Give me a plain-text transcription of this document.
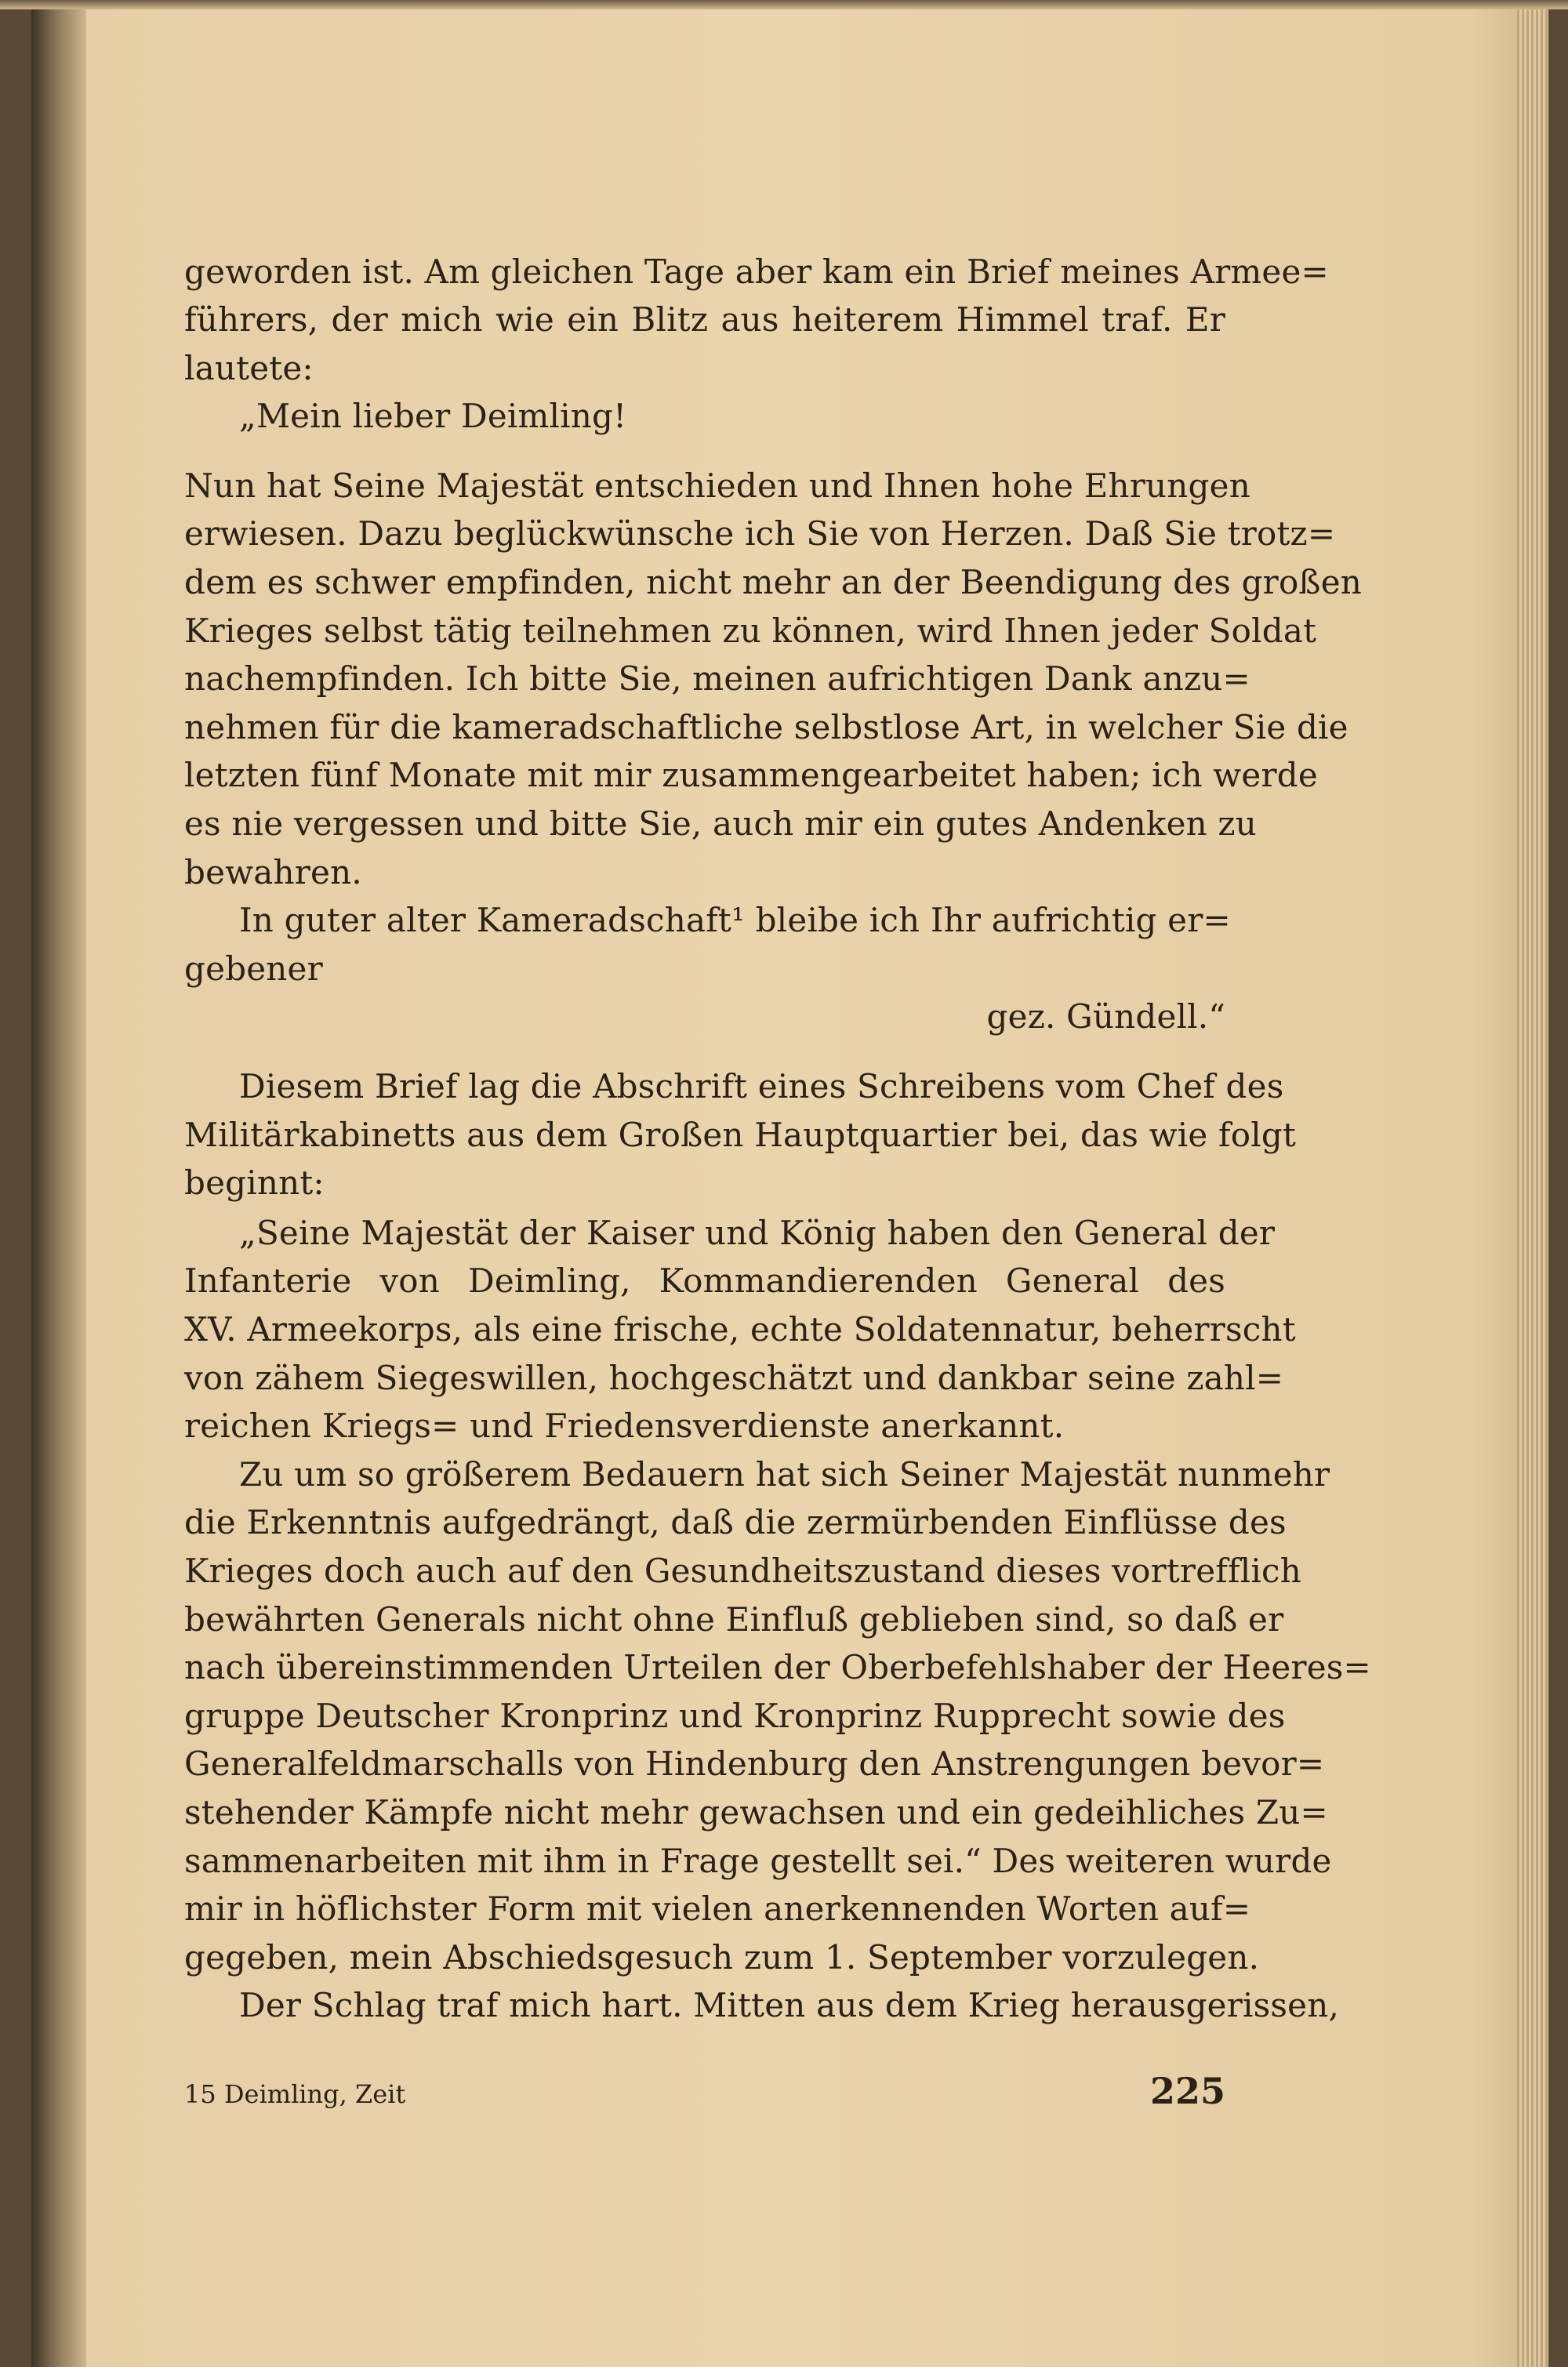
geworden ist. Am gleichen Tage aber kam ein Brief meines Armee=
führers, der mich wie ein Blitz aus heiterem Himmel traf. Er
lautete:
„Mein lieber Deimling!
Nun hat Seine Majestät entschieden und Ihnen hohe Ehrungen
erwiesen. Dazu beglückwünsche ich Sie von Herzen. Daß Sie trotz=
dem es schwer empfinden, nicht mehr an der Beendigung des großen
Krieges selbst tätig teilnehmen zu können, wird Ihnen jeder Soldat
nachempfinden. Ich bitte Sie, meinen aufrichtigen Dank anzu=
nehmen für die kameradschaftliche selbstlose Art, in welcher Sie die
letzten fünf Monate mit mir zusammengearbeitet haben; ich werde
es nie vergessen und bitte Sie, auch mir ein gutes Andenken zu
bewahren.
In guter alter Kameradschaft¹ bleibe ich Ihr aufrichtig er=
gebener
gez. Gündell.“
Diesem Brief lag die Abschrift eines Schreibens vom Chef des
Militärkabinetts aus dem Großen Hauptquartier bei, das wie folgt
beginnt:
„Seine Majestät der Kaiser und König haben den General der
Infanterie von Deimling, Kommandierenden General des
XV. Armeekorps, als eine frische, echte Soldatennatur, beherrscht
von zähem Siegeswillen, hochgeschätzt und dankbar seine zahl=
reichen Kriegs= und Friedensverdienste anerkannt.
Zu um so größerem Bedauern hat sich Seiner Majestät nunmehr
die Erkenntnis aufgedrängt, daß die zermürbenden Einflüsse des
Krieges doch auch auf den Gesundheitszustand dieses vortrefflich
bewährten Generals nicht ohne Einfluß geblieben sind, so daß er
nach übereinstimmenden Urteilen der Oberbefehlshaber der Heeres=
gruppe Deutscher Kronprinz und Kronprinz Rupprecht sowie des
Generalfeldmarschalls von Hindenburg den Anstrengungen bevor=
stehender Kämpfe nicht mehr gewachsen und ein gedeihliches Zu=
sammenarbeiten mit ihm in Frage gestellt sei.“ Des weiteren wurde
mir in höflichster Form mit vielen anerkennenden Worten auf=
gegeben, mein Abschiedsgesuch zum 1. September vorzulegen.
Der Schlag traf mich hart. Mitten aus dem Krieg herausgerissen,
15 Deimling, Zeit	225
